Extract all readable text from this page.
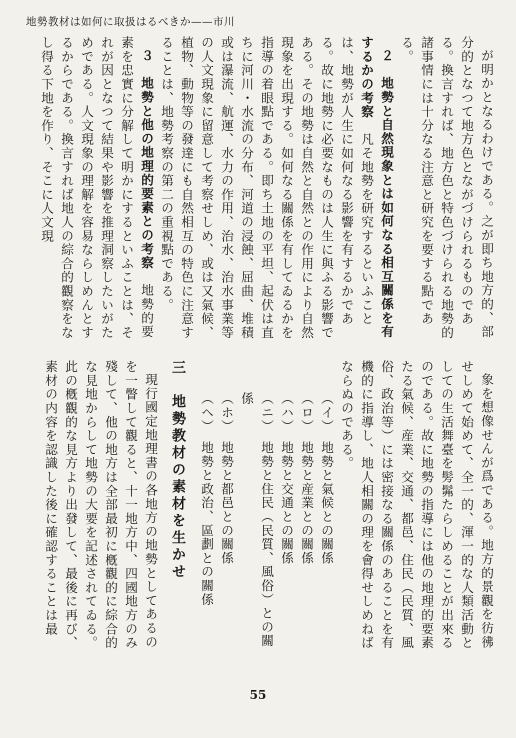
地勢教材は如何に取扱はるべきか——市川

が明かとなるわけである。之が即ち地方的、部分的となつて地方色とながづけられるものである。換言すれば、地方色と特色づけられる地勢的諸事情には十分なる注意と研究を要する點である。

２　地勢と自然現象とは如何なる相互關係を有するかの考察　凡そ地勢を研究するといふことは、地勢が人生に如何なる影響を有するかである。故に地勢に必要なものは人生に與ふる影響である。その地勢は自然と自然との作用により自然現象を出現する。如何なる關係を有してゐるかを指導の着眼點である。即ち土地の平坦、起伏は直ちに河川・水流の分布、河道の浸蝕、屈曲、堆積或は瀑流、航運、水力の作用、治水、治水事業等の人文現象に留意して考察せしめ、或は又氣候、植物、動物等の發達にも自然相互の特色に注意することは、地勢考察の第二の重視點である。

３　地勢と他の地理的要素との考察　地勢的要素を忠實に分解して明かにするといふことは、それが因となつて結果や影響を推理洞察したいがためである。人文現象の理解を容易ならしめんとするからである。換言すれば地人の綜合的觀察をなし得る下地を作り、そこに人文現

象を想像せんが爲である。地方的景觀を彷彿せしめて始めて、全一的、渾一的な人類活動としての生活舞臺を髣髴たらしめることが出來るのである。故に地勢の指導には他の地理的要素たる氣候、産業、交通、都邑、住民（民質、風俗、政治等）には密接なる關係のあることを有機的に指導し、地人相關の理を會得せしめねばならぬのである。

（イ）　地勢と氣候との關係

（ロ）　地勢と産業との關係

（ハ）　地勢と交通との關係

（ニ）　地勢と住民（民質、風俗）との關係

（ホ）　地勢と都邑との關係

（ヘ）　地勢と政治、區劃との關係

三　地勢教材の素材を生かせ

現行國定地理書の各地方の地勢としてあるのを一瞥して觀ると、十一地方中、四國地方のみ殘して、他の地方は全部最初に槪觀的に綜合的な見地からして地勢の大要を記述されてゐる。此の槪觀的な見方より出發して、最後に再び、素材の内容を認識した後に確認することは最

55
